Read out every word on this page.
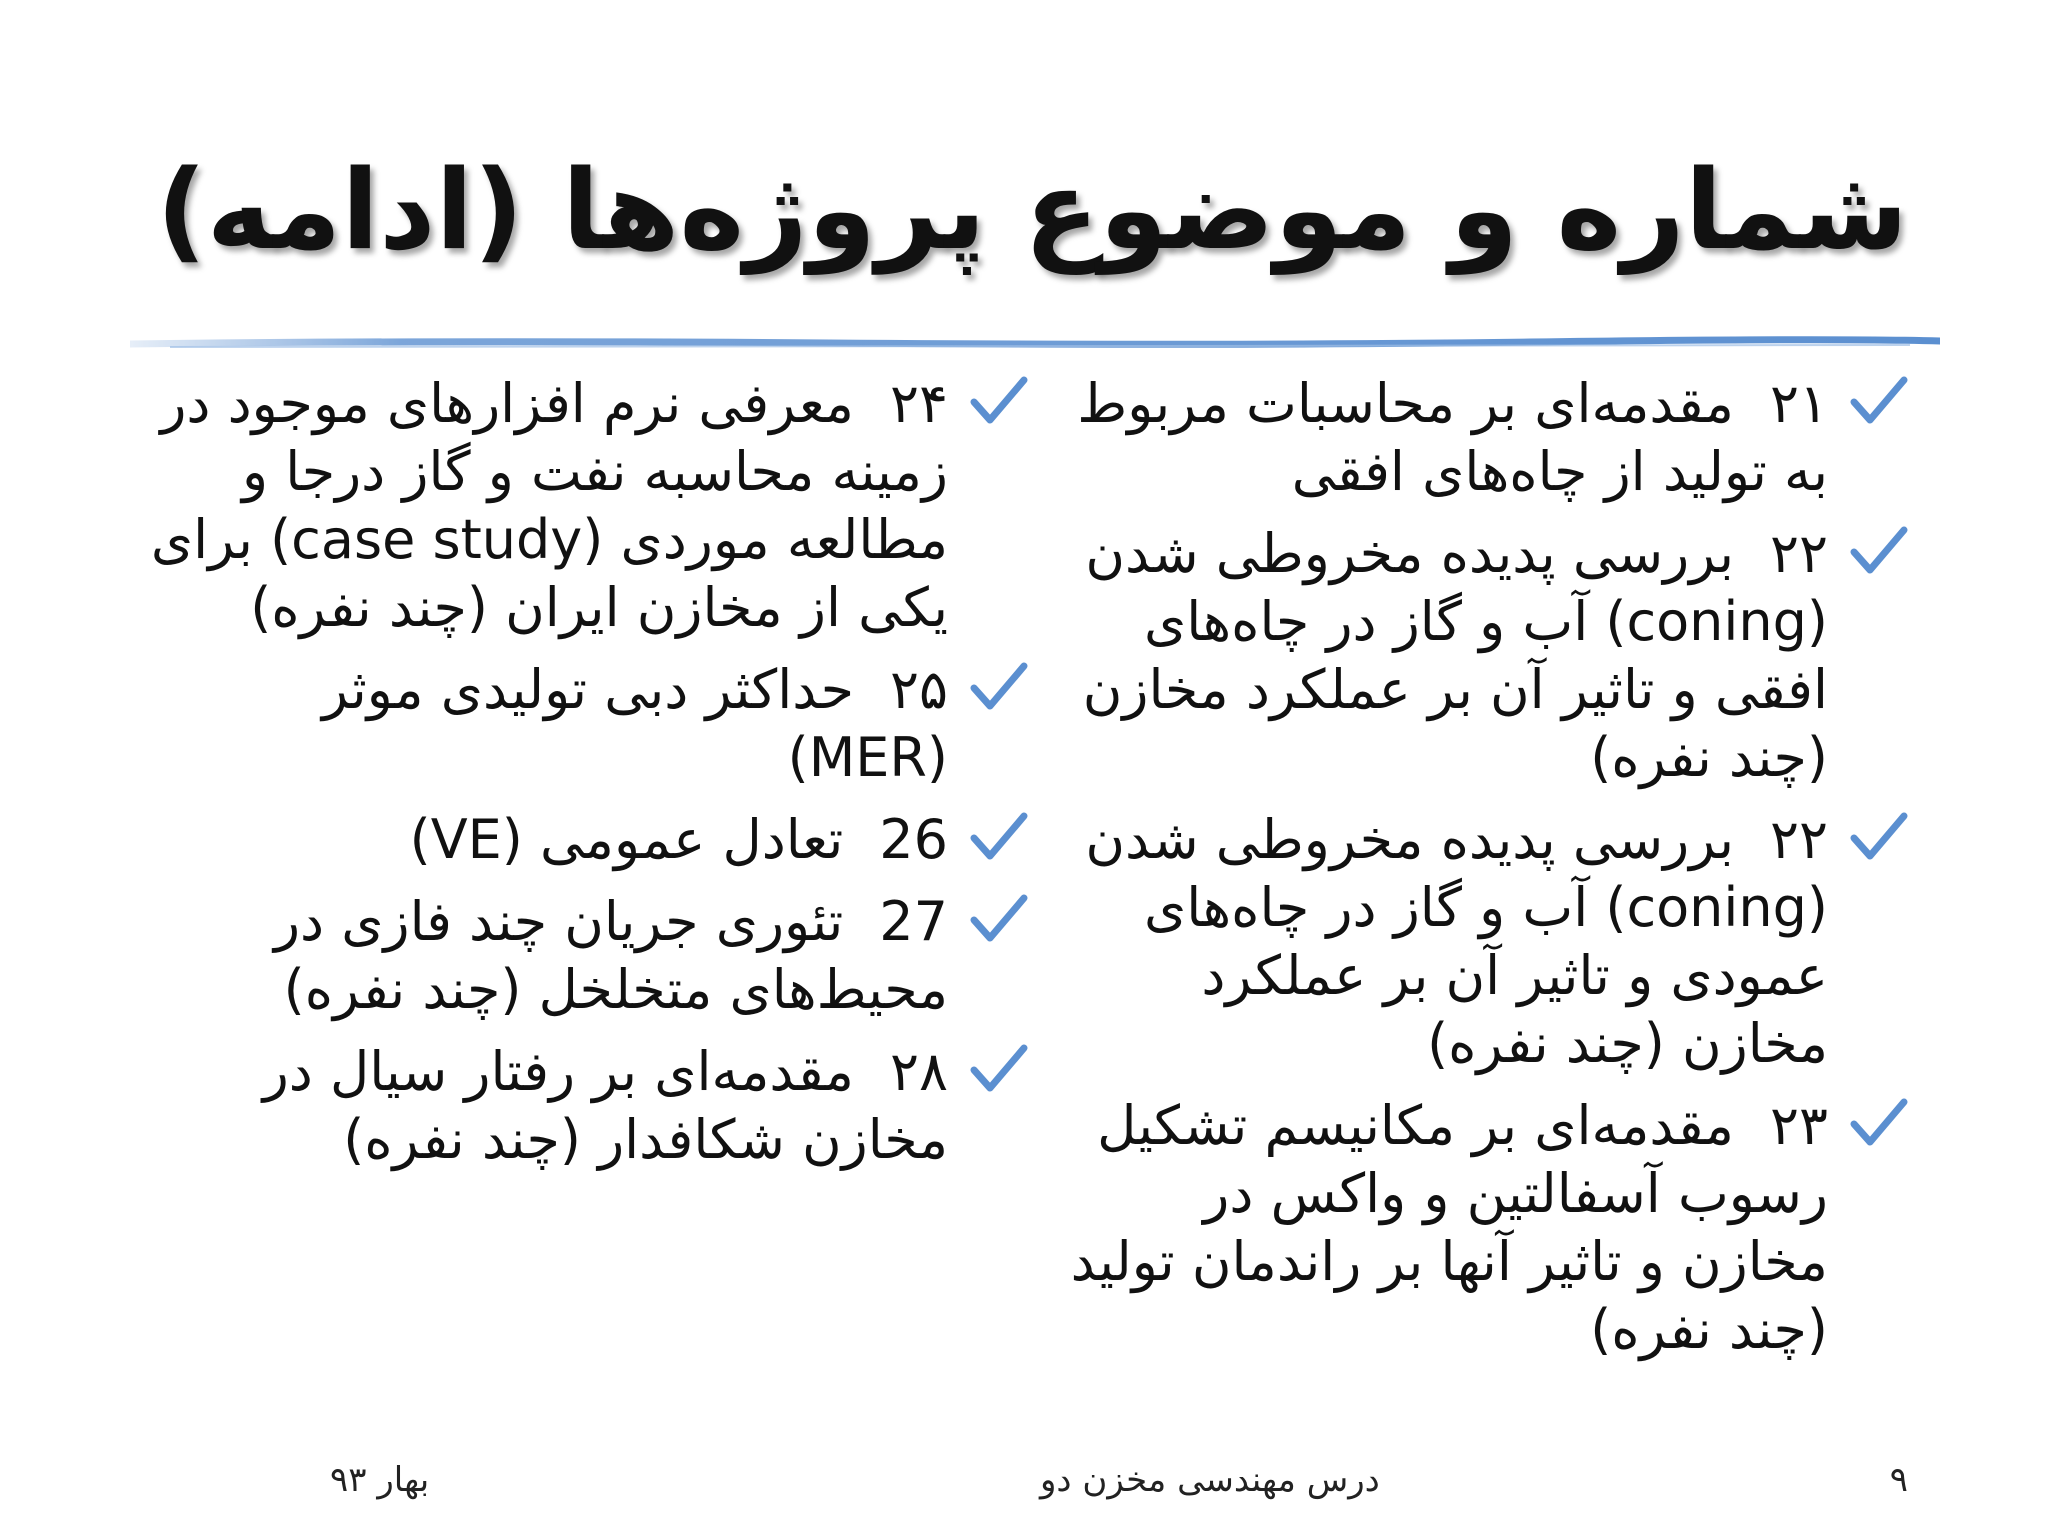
شماره و موضوع پروژه‌ها (ادامه)
۲۱مقدمه‌ای بر محاسبات مربوط به تولید از چاه‌های افقی
۲۲بررسی پدیده مخروطی شدن (coning) آب و گاز در چاه‌های افقی و تاثیر آن بر عملکرد مخازن (چند نفره)
۲۲بررسی پدیده مخروطی شدن (coning) آب و گاز در چاه‌های عمودی و تاثیر آن بر عملکرد مخازن (چند نفره)
۲۳مقدمه‌ای بر مکانیسم تشکیل رسوب آسفالتین و واکس در مخازن و تاثیر آنها بر راندمان تولید (چند نفره)
۲۴معرفی نرم افزارهای موجود در زمینه محاسبه نفت و گاز درجا و مطالعه موردی (case study) برای یکی از مخازن ایران (چند نفره)
۲۵حداکثر دبی تولیدی موثر (MER)
26تعادل عمومی (VE)
27تئوری جریان چند فازی در محیط‌های متخلخل (چند نفره)
۲۸مقدمه‌ای بر رفتار سیال در مخازن شکافدار (چند نفره)
۹
درس مهندسی مخزن دو
بهار ۹۳
